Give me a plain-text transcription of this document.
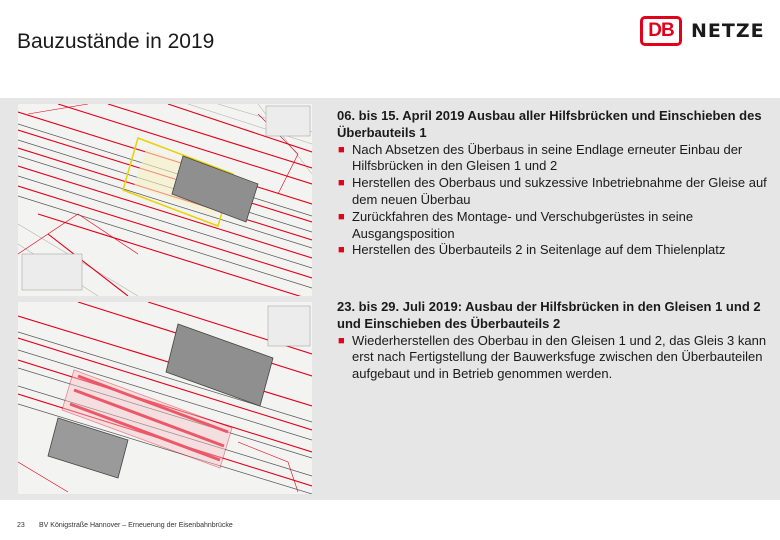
Bauzustände in 2019	DB NETZE
06. bis 15. April 2019 Ausbau aller Hilfsbrücken und Einschieben des Überbauteils 1
■ Nach Absetzen des Überbaus in seine Endlage erneuter Einbau der Hilfsbrücken in den Gleisen 1 und 2
■ Herstellen des Oberbaus und sukzessive Inbetriebnahme der Gleise auf dem neuen Überbau
■ Zurückfahren des Montage- und Verschubgerüstes in seine Ausgangsposition
■ Herstellen des Überbauteils 2 in Seitenlage auf dem Thielenplatz
23. bis 29. Juli 2019: Ausbau der Hilfsbrücken in den Gleisen 1 und 2 und Einschieben des Überbauteils 2
■ Wiederherstellen des Oberbau in den Gleisen 1 und 2, das Gleis 3 kann erst nach Fertigstellung der Bauwerksfuge zwischen den Überbauteilen aufgebaut und in Betrieb genommen werden.
23	BV Königstraße Hannover – Erneuerung der Eisenbahnbrücke
